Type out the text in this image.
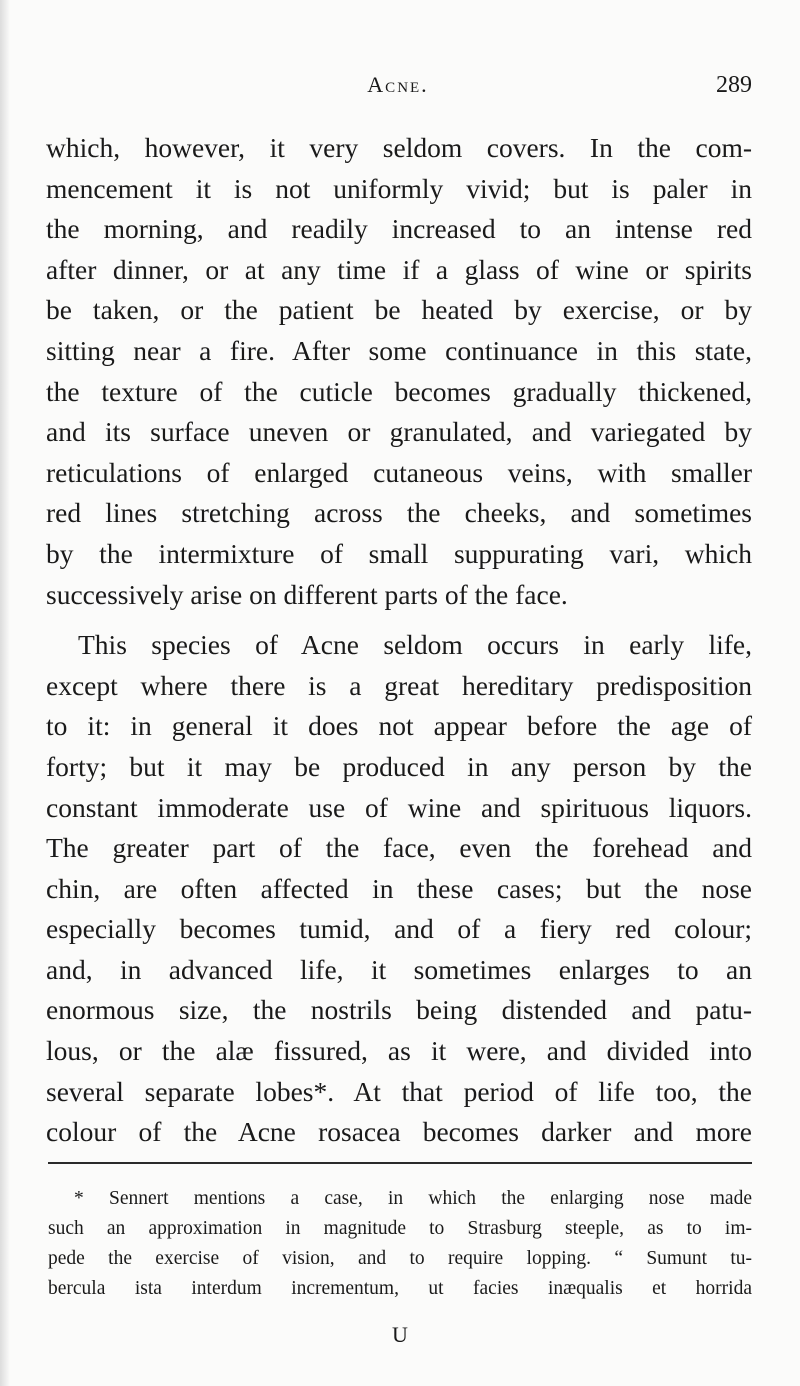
Acne.	289
which, however, it very seldom covers. In the com-
mencement it is not uniformly vivid; but is paler in
the morning, and readily increased to an intense red
after dinner, or at any time if a glass of wine or spirits
be taken, or the patient be heated by exercise, or by
sitting near a fire. After some continuance in this state,
the texture of the cuticle becomes gradually thickened,
and its surface uneven or granulated, and variegated by
reticulations of enlarged cutaneous veins, with smaller
red lines stretching across the cheeks, and sometimes
by the intermixture of small suppurating vari, which
successively arise on different parts of the face.
This species of Acne seldom occurs in early life,
except where there is a great hereditary predisposition
to it: in general it does not appear before the age of
forty; but it may be produced in any person by the
constant immoderate use of wine and spirituous liquors.
The greater part of the face, even the forehead and
chin, are often affected in these cases; but the nose
especially becomes tumid, and of a fiery red colour;
and, in advanced life, it sometimes enlarges to an
enormous size, the nostrils being distended and patu-
lous, or the alæ fissured, as it were, and divided into
several separate lobes*. At that period of life too, the
colour of the Acne rosacea becomes darker and more
* Sennert mentions a case, in which the enlarging nose made
such an approximation in magnitude to Strasburg steeple, as to im-
pede the exercise of vision, and to require lopping. “ Sumunt tu-
bercula ista interdum incrementum, ut facies inæqualis et horrida
U
